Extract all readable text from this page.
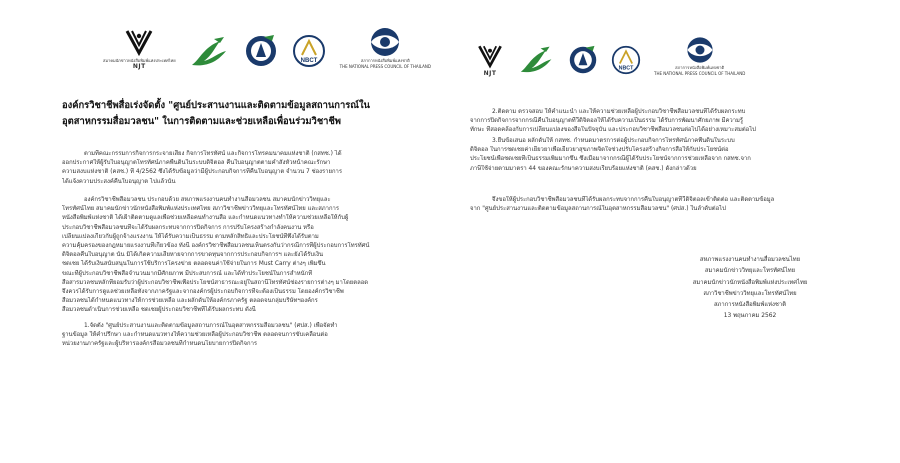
สมาคมนักข่าวหนังสือพิมพ์แห่งประเทศไทย
NJT
NBCT	สภาการหนังสือพิมพ์แห่งชาติ
THE NATIONAL PRESS COUNCIL OF THAILAND
องค์กรวิชาชีพสื่อเร่งจัดตั้ง "ศูนย์ประสานงานและติดตามข้อมูลสถานการณ์ใน
อุตสาหกรรมสื่อมวลชน" ในการติดตามและช่วยเหลือเพื่อนร่วมวิชาชีพ
ตามที่คณะกรรมการกิจการกระจายเสียง กิจการโทรทัศน์ และกิจการโทรคมนาคมแห่งชาติ (กสทช.) ได้
ออกประกาศให้ผู้รับใบอนุญาตโทรทัศน์ภาคพื้นดินในระบบดิจิตอล คืนใบอนุญาตตามคำสั่งหัวหน้าคณะรักษา
ความสงบแห่งชาติ (คสช.) ที่ 4/2562 ซึ่งได้รับข้อมูลว่ามีผู้ประกอบกิจการที่คืนใบอนุญาต จำนวน 7 ช่องรายการ
ได้แจ้งความประสงค์คืนใบอนุญาต ไปแล้วนั้น
องค์กรวิชาชีพสื่อมวลชน ประกอบด้วย สหภาพแรงงานคนทำงานสื่อมวลชน สมาคมนักข่าววิทยุและ
โทรทัศน์ไทย สมาคมนักข่าวนักหนังสือพิมพ์แห่งประเทศไทย สภาวิชาชีพข่าววิทยุและโทรทัศน์ไทย และสภาการ
หนังสือพิมพ์แห่งชาติ ได้เฝ้าติดตามดูแลเพื่อช่วยเหลือคนทำงานสื่อ และกำหนดแนวทางทำให้ความช่วยเหลือให้กับผู้
ประกอบวิชาชีพสื่อมวลชนที่จะได้รับผลกระทบจากการปิดกิจการ การปรับโครงสร้างกำลังคนงาน หรือ
เปลี่ยนแปลงเกี่ยวกับผู้ถูกจ้างแรงงาน ให้ได้รับความเป็นธรรม ตามหลักสิทธิและประโยชน์ที่พึงได้รับตาม
ความคุ้มครองของกฎหมายแรงงานที่เกี่ยวข้อง ทั้งนี้ องค์กรวิชาชีพสื่อมวลชนเห็นตรงกันว่ากรณีการที่ผู้ประกอบการโทรทัศน์
ดิจิตอลคืนใบอนุญาต นั้น มิได้เกิดความเสียหายจากการขาดทุนจากการประกอบกิจการฯ และยังได้รับเงิน
ชดเชย ได้รับเงินสนับสนุนในการใช้บริการโครงข่าย ตลอดจนค่าใช้จ่ายในการ Must Carry ต่างๆ เพิ่มขึ้น
ขณะที่ผู้ประกอบวิชาชีพสื่อจำนวนมากมีศักยภาพ มีประสบการณ์ และได้ทำประโยชน์ในการสำหนักที่
สื่อสารมวลชนหลักที่ยอมรับว่าผู้ประกอบวิชาชีพเพื่อประโยชน์สาธารณะอยู่ในสถานีโทรทัศน์ช่องรายการต่างๆ มาโดยตลอด
จึงควรได้รับการดูแลช่วยเหลือทั้งจากภาครัฐและจากองค์กรผู้ประกอบกิจการที่จะต้องเป็นธรรม โดยองค์กรวิชาชีพ
สื่อมวลชนได้กำหนดแนวทางให้การช่วยเหลือ และผลักดันให้องค์กรภาครัฐ ตลอดจนกลุ่มบริษัทฯองค์กร
สื่อมวลชนดำเนินการช่วยเหลือ ชดเชยผู้ประกอบวิชาชีพที่ได้รับผลกระทบ ดังนี้
1.จัดตั้ง "ศูนย์ประสานงานและติดตามข้อมูลสถานการณ์ในอุตสาหกรรมสื่อมวลชน" (ศปส.) เพื่อจัดทำ
ฐานข้อมูล ให้คำปรึกษา และกำหนดแนวทางให้ความช่วยเหลือผู้ประกอบวิชาชีพ ตลอดจนการขับเคลื่อนต่อ
หน่วยงานภาครัฐและผู้บริหารองค์กรสื่อมวลชนที่กำหนดนโยบายการปิดกิจการ
NJT
NBCT	สภาการหนังสือพิมพ์แห่งชาติ
THE NATIONAL PRESS COUNCIL OF THAILAND
2.ติดตาม ตรวจสอบ ให้คำแนะนำ และให้ความช่วยเหลือผู้ประกอบวิชาชีพสื่อมวลชนที่ได้รับผลกระทบ
จากการปิดกิจการจากกรณีคืนใบอนุญาตทีวีดิจิตอลให้ได้รับความเป็นธรรม ได้รับการพัฒนาศักยภาพ มีความรู้
ทักษะ ที่สอดคล้องกับการเปลี่ยนแปลงของสื่อในปัจจุบัน และประกอบวิชาชีพสื่อมวลชนต่อไปได้อย่างเหมาะสมต่อไป
3.ยื่นข้อเสนอ ผลักดันให้ กสทช. กำหนดมาตรการต่อผู้ประกอบกิจการโทรทัศน์ภาคพื้นดินในระบบ
ดิจิตอล ในการชดเชยค่าเยียวยาเพื่อเยียวยาสุขภาพจิตใจช่วงปรับโครงสร้างกิจการสื่อให้กับประโยชน์ต่อ
ประโยชน์เพื่อชดเชยที่เป็นธรรมเพิ่มมากขึ้น ซึ่งเมื่อมาจากกรณีผู้ได้รับประโยชน์จากการช่วยเหลือจาก กสทช.จาก
ภาษีใช้จ่ายตามมาตรา 44 ของคณะรักษาความสงบเรียบร้อยแห่งชาติ (คสช.) ดังกล่าวด้วย
จึงขอให้ผู้ประกอบวิชาชีพสื่อมวลชนที่ได้รับผลกระทบจากการคืนใบอนุญาตทีวีดิจิตอลเข้าติดต่อ และติดตามข้อมูล
จาก "ศูนย์ประสานงานและติดตามข้อมูลสถานการณ์ในอุตสาหกรรมสื่อมวลชน" (ศปส.) ในลำดับต่อไป
สหภาพแรงงานคนทำงานสื่อมวลชนไทย
สมาคมนักข่าววิทยุและโทรทัศน์ไทย
สมาคมนักข่าวนักหนังสือพิมพ์แห่งประเทศไทย
สภาวิชาชีพข่าววิทยุและโทรทัศน์ไทย
สภาการหนังสือพิมพ์แห่งชาติ
13 พฤษภาคม 2562
